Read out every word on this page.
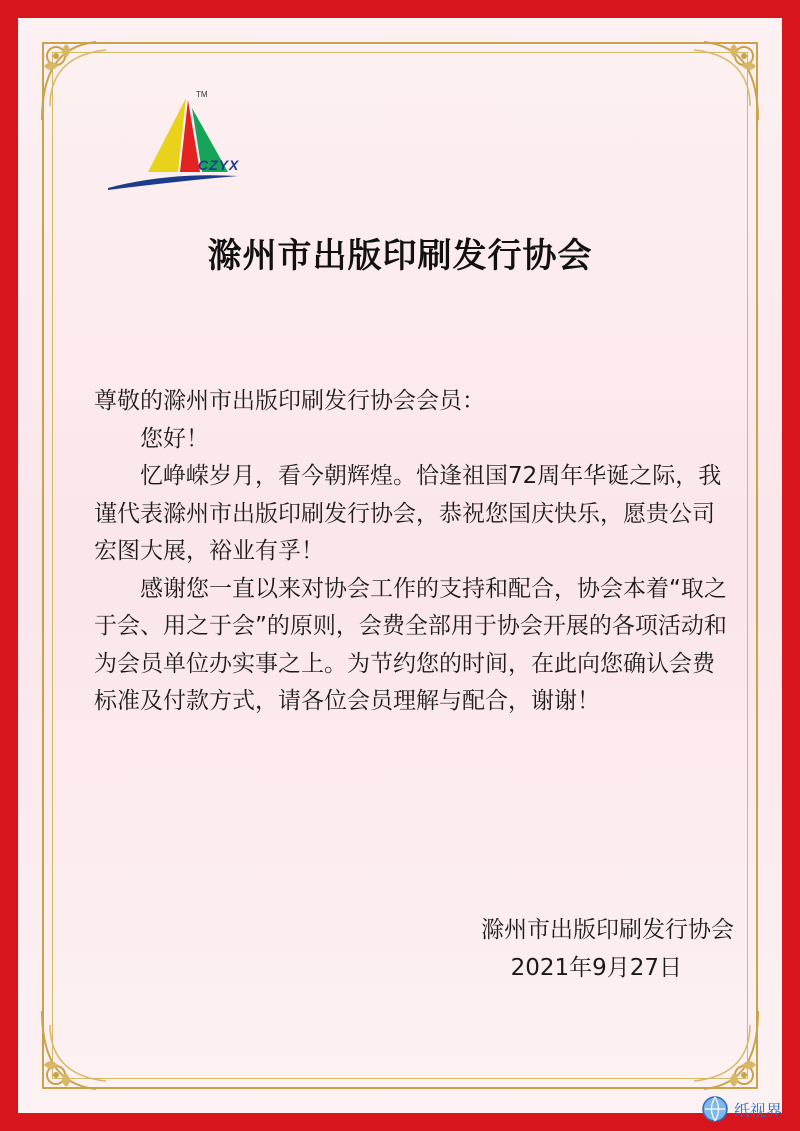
TM
CZYX
滁州市出版印刷发行协会

尊敬的滁州市出版印刷发行协会会员：

您好！

忆峥嵘岁月，看今朝辉煌。恰逢祖国72周年华诞之际，我谨代表滁州市出版印刷发行协会，恭祝您国庆快乐，愿贵公司宏图大展，裕业有孚！

感谢您一直以来对协会工作的支持和配合，协会本着“取之于会、用之于会”的原则，会费全部用于协会开展的各项活动和为会员单位办实事之上。为节约您的时间，在此向您确认会费标准及付款方式，请各位会员理解与配合，谢谢！

滁州市出版印刷发行协会
2021年9月27日
纸视界
